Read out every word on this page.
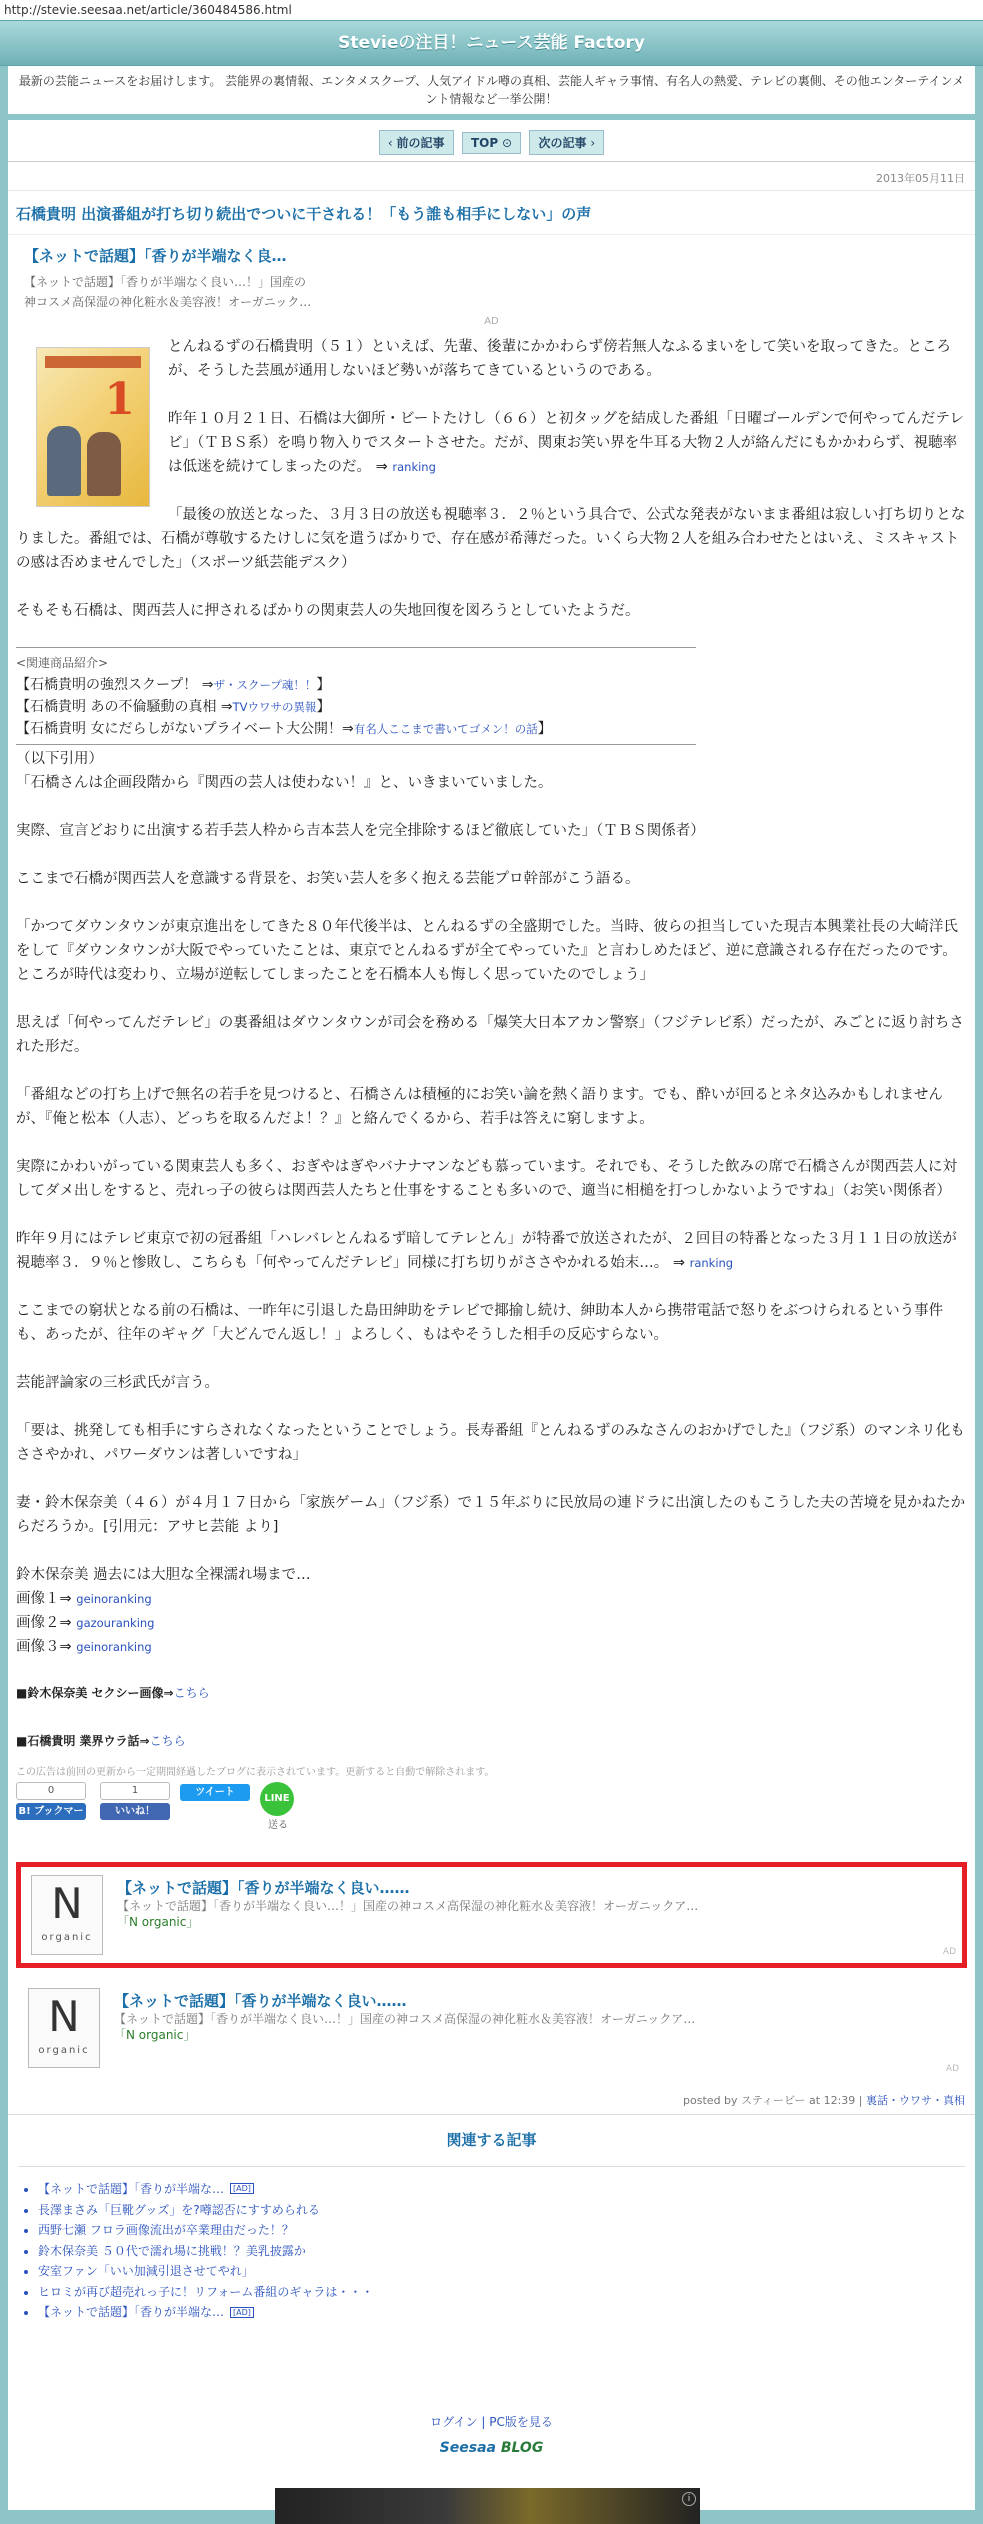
http://stevie.seesaa.net/article/360484586.html
Stevieの注目！ニュース芸能 Factory
最新の芸能ニュースをお届けします。 芸能界の裏情報、エンタメスクープ、人気アイドル噂の真相、芸能人ギャラ事情、有名人の熱愛、テレビの裏側、その他エンターテインメント情報など一挙公開！
‹ 前の記事 TOP ⊙ 次の記事 ›
2013年05月11日
石橋貴明 出演番組が打ち切り続出でついに干される！「もう誰も相手にしない」の声
【ネットで話題】「香りが半端なく良…
【ネットで話題】「香りが半端なく良い…！」国産の
神コスメ高保湿の神化粧水＆美容液！オーガニック…
AD
1

とんねるずの石橋貴明（５１）といえば、先輩、後輩にかかわらず傍若無人なふるまいをして笑いを取ってきた。ところが、そうした芸風が通用しないほど勢いが落ちてきているというのである。

昨年１０月２１日、石橋は大御所・ビートたけし（６６）と初タッグを結成した番組「日曜ゴールデンで何やってんだテレビ」（ＴＢＳ系）を鳴り物入りでスタートさせた。だが、関東お笑い界を牛耳る大物２人が絡んだにもかかわらず、視聴率は低迷を続けてしまったのだ。 ⇒ ranking

「最後の放送となった、３月３日の放送も視聴率３．２％という具合で、公式な発表がないまま番組は寂しい打ち切りとなりました。番組では、石橋が尊敬するたけしに気を遣うばかりで、存在感が希薄だった。いくら大物２人を組み合わせたとはいえ、ミスキャストの感は否めませんでした」（スポーツ紙芸能デスク）

そもそも石橋は、関西芸人に押されるばかりの関東芸人の失地回復を図ろうとしていたようだ。

<関連商品紹介>
【石橋貴明の強烈スクープ！ ⇒ザ・スクープ魂！！】
【石橋貴明 あの不倫騒動の真相 ⇒TVウワサの異報】
【石橋貴明 女にだらしがないプライベート大公開！⇒有名人ここまで書いてゴメン！の話】
（以下引用）

「石橋さんは企画段階から『関西の芸人は使わない！』と、いきまいていました。

実際、宣言どおりに出演する若手芸人枠から吉本芸人を完全排除するほど徹底していた」（ＴＢＳ関係者）

ここまで石橋が関西芸人を意識する背景を、お笑い芸人を多く抱える芸能プロ幹部がこう語る。

「かつてダウンタウンが東京進出をしてきた８０年代後半は、とんねるずの全盛期でした。当時、彼らの担当していた現吉本興業社長の大崎洋氏をして『ダウンタウンが大阪でやっていたことは、東京でとんねるずが全てやっていた』と言わしめたほど、逆に意識される存在だったのです。ところが時代は変わり、立場が逆転してしまったことを石橋本人も悔しく思っていたのでしょう」

思えば「何やってんだテレビ」の裏番組はダウンタウンが司会を務める「爆笑大日本アカン警察」（フジテレビ系）だったが、みごとに返り討ちされた形だ。

「番組などの打ち上げで無名の若手を見つけると、石橋さんは積極的にお笑い論を熱く語ります。でも、酔いが回るとネタ込みかもしれませんが、『俺と松本（人志）、どっちを取るんだよ！？』と絡んでくるから、若手は答えに窮しますよ。

実際にかわいがっている関東芸人も多く、おぎやはぎやバナナマンなども慕っています。それでも、そうした飲みの席で石橋さんが関西芸人に対してダメ出しをすると、売れっ子の彼らは関西芸人たちと仕事をすることも多いので、適当に相槌を打つしかないようですね」（お笑い関係者）

昨年９月にはテレビ東京で初の冠番組「ハレバレとんねるず暗してテレとん」が特番で放送されたが、２回目の特番となった３月１１日の放送が視聴率３．９％と惨敗し、こちらも「何やってんだテレビ」同様に打ち切りがささやかれる始末…。 ⇒ ranking

ここまでの窮状となる前の石橋は、一昨年に引退した島田紳助をテレビで揶揄し続け、紳助本人から携帯電話で怒りをぶつけられるという事件も、あったが、往年のギャグ「大どんでん返し！」よろしく、もはやそうした相手の反応すらない。

芸能評論家の三杉武氏が言う。

「要は、挑発しても相手にすらされなくなったということでしょう。長寿番組『とんねるずのみなさんのおかげでした』（フジ系）のマンネリ化もささやかれ、パワーダウンは著しいですね」

妻・鈴木保奈美（４６）が４月１７日から「家族ゲーム」（フジ系）で１５年ぶりに民放局の連ドラに出演したのもこうした夫の苦境を見かねたからだろうか。[引用元：アサヒ芸能 より]

鈴木保奈美 過去には大胆な全裸濡れ場まで…
画像１⇒ geinoranking
画像２⇒ gazouranking
画像３⇒ geinoranking
■鈴木保奈美 セクシー画像⇒こちら
■石橋貴明 業界ウラ話⇒こちら
この広告は前回の更新から一定期間経過したブログに表示されています。更新すると自動で解除されます。
0
B! ブックマーク
1
いいね！
ツイート
LINE
送る
N
organic
【ネットで話題】「香りが半端なく良い……
【ネットで話題】「香りが半端なく良い…！」国産の神コスメ高保湿の神化粧水＆美容液！オーガニックア…
「N organic」
AD
N
organic
【ネットで話題】「香りが半端なく良い……
【ネットで話題】「香りが半端なく良い…！」国産の神コスメ高保湿の神化粧水＆美容液！オーガニックア…
「N organic」
AD
posted by スティービー at 12:39 | 裏話・ウワサ・真相
関連する記事
• 【ネットで話題】「香りが半端な… [AD]
• 長澤まさみ「巨靴グッズ」を?噂認否にすすめられる
• 西野七瀬 フロラ画像流出が卒業理由だった！？
• 鈴木保奈美 ５０代で濡れ場に挑戦！？美乳披露か
• 安室ファン「いい加減引退させてやれ」
• ヒロミが再び超売れっ子に！リフォーム番組のギャラは・・・
• 【ネットで話題】「香りが半端な… [AD]
ログイン | PC版を見る
Seesaa BLOG
i
